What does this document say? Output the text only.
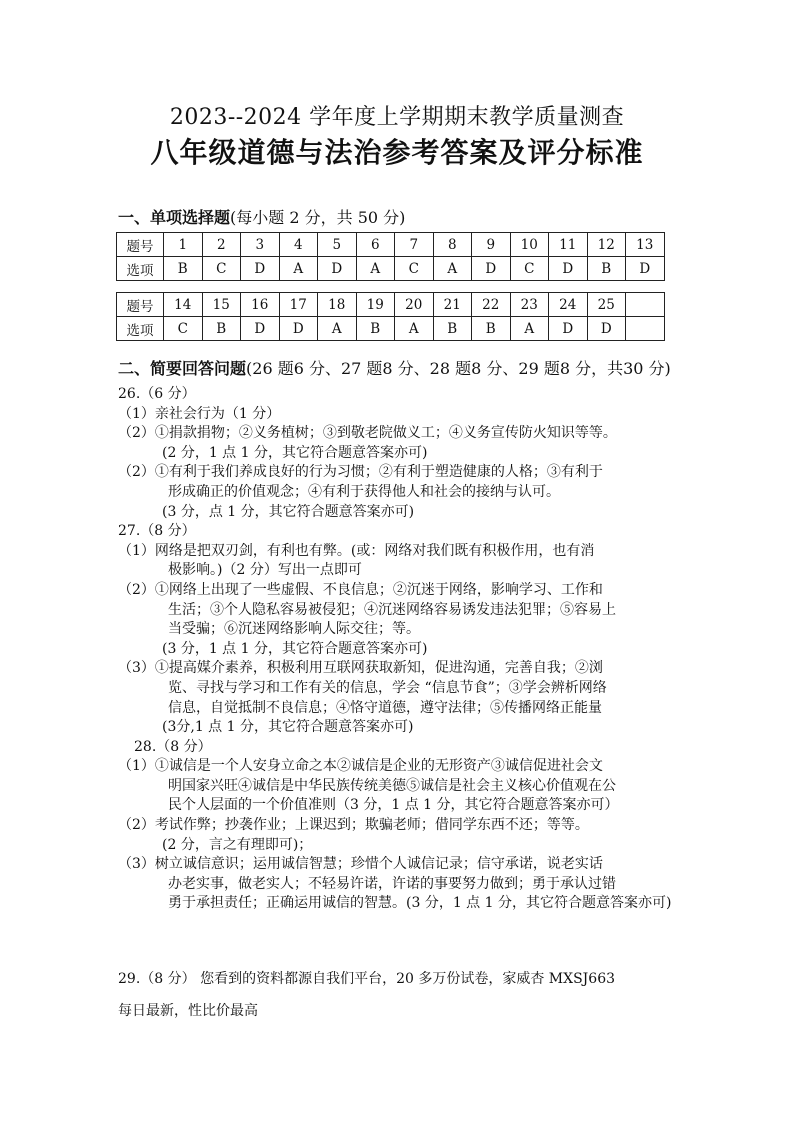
2023--2024 学年度上学期期末教学质量测查
八年级道德与法治参考答案及评分标准
一、单项选择题(每小题 2 分，共 50 分)
题号	1	2	3	4	5	6	7	8	9	10	11	12	13
选项	B	C	D	A	D	A	C	A	D	C	D	B	D
题号	14	15	16	17	18	19	20	21	22	23	24	25	
选项	C	B	D	D	A	B	A	B	B	A	D	D	
二、简要回答问题(26 题6 分、27 题8 分、28 题8 分、29 题8 分，共30 分)
26.（6 分）
（1）亲社会行为（1 分）
（2）①捐款捐物；②义务植树；③到敬老院做义工；④义务宣传防火知识等等。
(2 分，1 点 1 分，其它符合题意答案亦可)
（2）①有利于我们养成良好的行为习惯；②有利于塑造健康的人格；③有利于
形成确正的价值观念；④有利于获得他人和社会的接纳与认可。
(3 分，点 1 分，其它符合题意答案亦可)
27.（8 分）
（1）网络是把双刃剑，有利也有弊。(或：网络对我们既有积极作用，也有消
极影响。)（2 分）写出一点即可
（2）①网络上出现了一些虚假、不良信息；②沉迷于网络，影响学习、工作和
生活；③个人隐私容易被侵犯；④沉迷网络容易诱发违法犯罪；⑤容易上
当受骗；⑥沉迷网络影响人际交往；等。
(3 分，1 点 1 分，其它符合题意答案亦可)
（3）①提高媒介素养，积极利用互联网获取新知，促进沟通，完善自我；②浏
览、寻找与学习和工作有关的信息，学会 “信息节食”；③学会辨析网络
信息，自觉抵制不良信息；④恪守道德，遵守法律；⑤传播网络正能量
(3分,1 点 1 分，其它符合题意答案亦可)
28.（8 分）
（1）①诚信是一个人安身立命之本②诚信是企业的无形资产③诚信促进社会文
明国家兴旺④诚信是中华民族传统美德⑤诚信是社会主义核心价值观在公
民个人层面的一个价值准则（3 分，1 点 1 分，其它符合题意答案亦可）
（2）考试作弊；抄袭作业；上课迟到；欺骗老师；借同学东西不还；等等。
(2 分，言之有理即可)；
（3）树立诚信意识；运用诚信智慧；珍惜个人诚信记录；信守承诺，说老实话
办老实事，做老实人；不轻易许诺，许诺的事要努力做到；勇于承认过错
勇于承担责任；正确运用诚信的智慧。(3 分，1 点 1 分，其它符合题意答案亦可)
29.（8 分） 您看到的资料都源自我们平台，20 多万份试卷，家威杏 MXSJ663
每日最新，性比价最高
